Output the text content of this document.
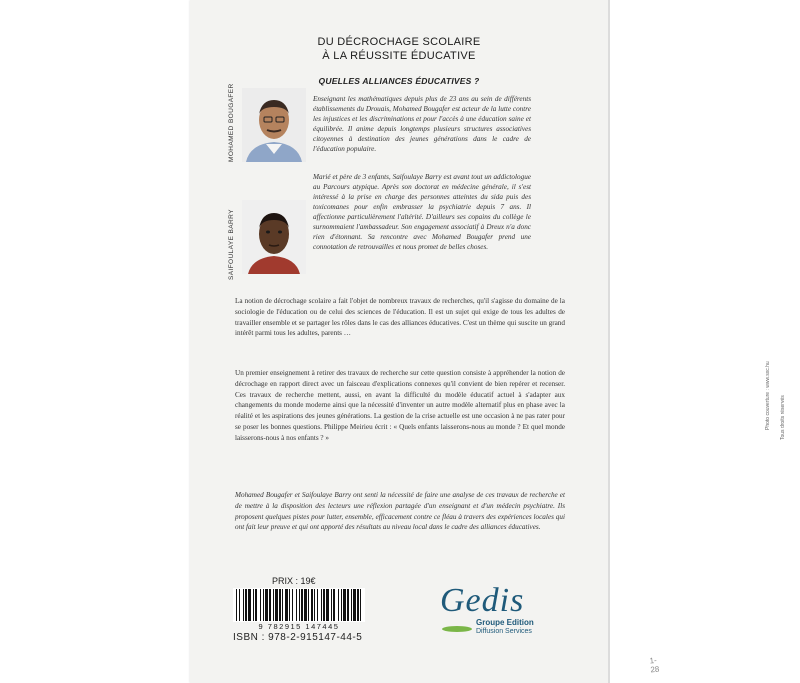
DU DÉCROCHAGE SCOLAIRE
À LA RÉUSSITE ÉDUCATIVE
QUELLES ALLIANCES ÉDUCATIVES ?
MOHAMED BOUGAFER	Enseignant les mathématiques depuis plus de 23 ans au sein de différents établissements du Drouais, Mohamed Bougafer est acteur de la lutte contre les injustices et les discriminations et pour l'accès à une éducation saine et équilibrée. Il anime depuis longtemps plusieurs structures associatives citoyennes à destination des jeunes générations dans le cadre de l'éducation populaire.
SAIFOULAYE BARRY
Marié et père de 3 enfants, Saifoulaye Barry est avant tout un addictologue au Parcours atypique. Après son doctorat en médecine générale, il s'est intéressé à la prise en charge des personnes atteintes du sida puis des toxicomanes pour enfin embrasser la psychiatrie depuis 7 ans. Il affectionne particulièrement l'altérité. D'ailleurs ses copains du collège le surnommaient l'ambassadeur. Son engagement associatif à Dreux n'a donc rien d'étonnant. Sa rencontre avec Mohamed Bougafer prend une connotation de retrouvailles et nous promet de belles choses.
La notion de décrochage scolaire a fait l'objet de nombreux travaux de recherches, qu'il s'agisse du domaine de la sociologie de l'éducation ou de celui des sciences de l'éducation. Il est un sujet qui exige de tous les adultes de travailler ensemble et se partager les rôles dans le cas des alliances éducatives. C'est un thème qui suscite un grand intérêt parmi tous les adultes, parents …
Un premier enseignement à retirer des travaux de recherche sur cette question consiste à appréhender la notion de décrochage en rapport direct avec un faisceau d'explications connexes qu'il convient de bien repérer et recenser. Ces travaux de recherche mettent, aussi, en avant la difficulté du modèle éducatif actuel à s'adapter aux changements du monde moderne ainsi que la nécessité d'inventer un autre modèle alternatif plus en phase avec la réalité et les aspirations des jeunes générations. La gestion de la crise actuelle est une occasion à ne pas rater pour se poser les bonnes questions. Philippe Meirieu écrit : « Quels enfants laisserons-nous au monde ? Et quel monde laisserons-nous à nos enfants ? »
Mohamed Bougafer et Saifoulaye Barry ont senti la nécessité de faire une analyse de ces travaux de recherche et de mettre à la disposition des lecteurs une réflexion partagée d'un enseignant et d'un médecin psychiatre. Ils proposent quelques pistes pour lutter, ensemble, efficacement contre ce fléau à travers des expériences locales qui ont fait leur preuve et qui ont apporté des résultats au niveau local dans le cadre des alliances éducatives.
PRIX : 19€
9 782915 147445
ISBN : 978-2-915147-44-5
Gedis
Groupe Edition
Diffusion Services
Photo couverture : www.sxc.hu Tous droits réservés
1-28
